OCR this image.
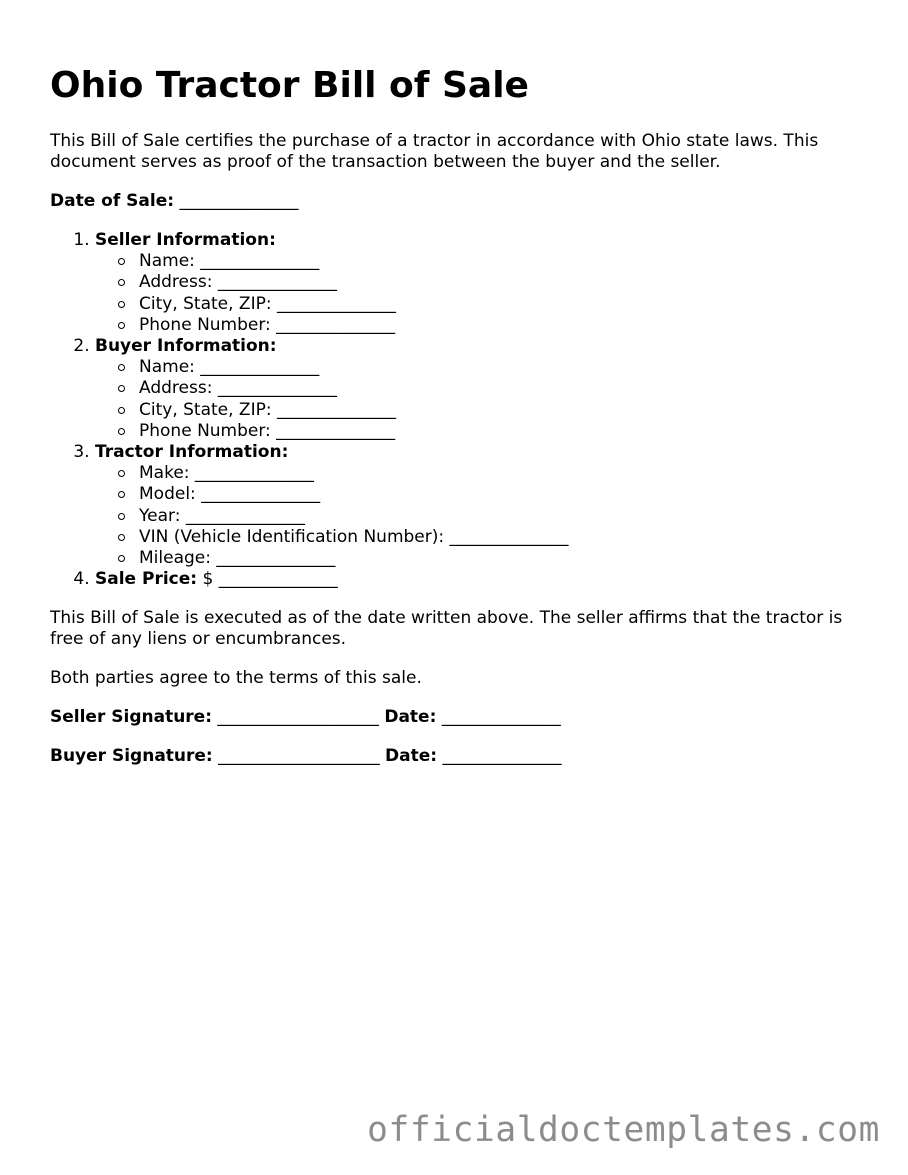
Ohio Tractor Bill of Sale

This Bill of Sale certifies the purchase of a tractor in accordance with Ohio state laws. This document serves as proof of the transaction between the buyer and the seller.

Date of Sale: ______________

1. Seller Information:
Name: ______________
Address: ______________
City, State, ZIP: ______________
Phone Number: ______________
2. Buyer Information:
Name: ______________
Address: ______________
City, State, ZIP: ______________
Phone Number: ______________
3. Tractor Information:
Make: ______________
Model: ______________
Year: ______________
VIN (Vehicle Identification Number): ______________
Mileage: ______________
4. Sale Price: $ ______________

This Bill of Sale is executed as of the date written above. The seller affirms that the tractor is free of any liens or encumbrances.

Both parties agree to the terms of this sale.

Seller Signature: ___________________ Date: ______________

Buyer Signature: ___________________ Date: ______________

officialdoctemplates.com
